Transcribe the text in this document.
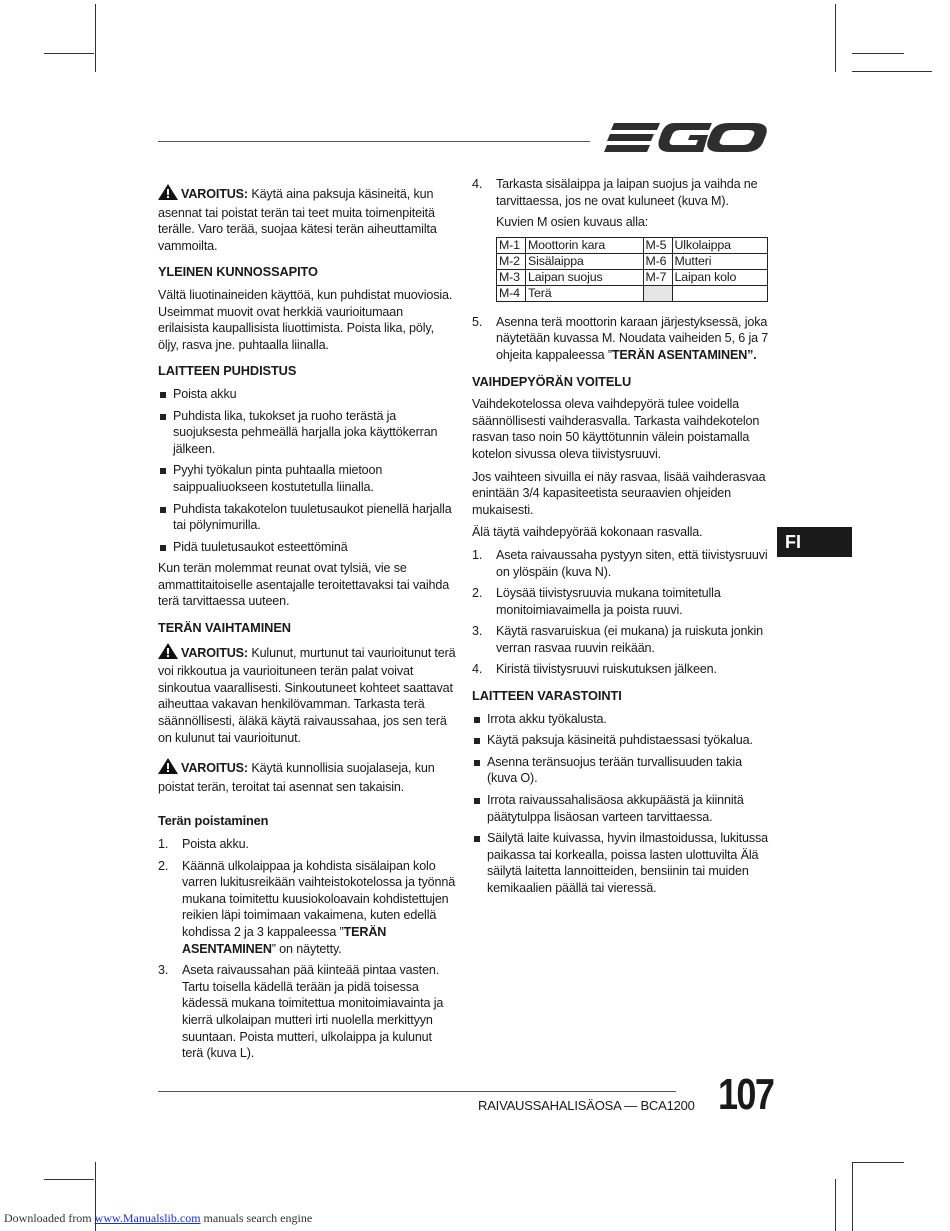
VAROITUS: Käytä aina paksuja käsineitä, kun asennat tai poistat terän tai teet muita toimenpiteitä terälle. Varo terää, suojaa kätesi terän aiheuttamilta vammoilta.

YLEINEN KUNNOSSAPITO

Vältä liuotinaineiden käyttöä, kun puhdistat muoviosia. Useimmat muovit ovat herkkiä vaurioitumaan erilaisista kaupallisista liuottimista. Poista lika, pöly, öljy, rasva jne. puhtaalla liinalla.

LAITTEEN PUHDISTUS
Poista akku
Puhdista lika, tukokset ja ruoho terästä ja suojuksesta pehmeällä harjalla joka käyttökerran jälkeen.
Pyyhi työkalun pinta puhtaalla mietoon saippualiuokseen kostutetulla liinalla.
Puhdista takakotelon tuuletusaukot pienellä harjalla tai pölynimurilla.
Pidä tuuletusaukot esteettöminä

Kun terän molemmat reunat ovat tylsiä, vie se ammattitaitoiselle asentajalle teroitettavaksi tai vaihda terä tarvittaessa uuteen.

TERÄN VAIHTAMINEN

VAROITUS: Kulunut, murtunut tai vaurioitunut terä voi rikkoutua ja vaurioituneen terän palat voivat sinkoutua vaarallisesti. Sinkoutuneet kohteet saattavat aiheuttaa vakavan henkilövamman. Tarkasta terä säännöllisesti, äläkä käytä raivaussahaa, jos sen terä on kulunut tai vaurioitunut.

VAROITUS: Käytä kunnollisia suojalaseja, kun poistat terän, teroitat tai asennat sen takaisin.

Terän poistaminen
1. Poista akku.
2. Käännä ulkolaippaa ja kohdista sisälaipan kolo varren lukitusreikään vaihteistokotelossa ja työnnä mukana toimitettu kuusiokoloavain kohdistettujen reikien läpi toimimaan vakaimena, kuten edellä kohdissa 2 ja 3 kappaleessa ”TERÄN ASENTAMINEN” on näytetty.
3. Aseta raivaussahan pää kiinteää pintaa vasten. Tartu toisella kädellä terään ja pidä toisessa kädessä mukana toimitettua monitoimiavainta ja kierrä ulkolaipan mutteri irti nuolella merkittyyn suuntaan. Poista mutteri, ulkolaippa ja kulunut terä (kuva L).
4. Tarkasta sisälaippa ja laipan suojus ja vaihda ne tarvittaessa, jos ne ovat kuluneet (kuva M).

Kuvien M osien kuvaus alla:

M-1	Moottorin kara	M-5	Ulkolaippa
M-2	Sisälaippa	M-6	Mutteri
M-3	Laipan suojus	M-7	Laipan kolo
M-4	Terä		
5. Asenna terä moottorin karaan järjestyksessä, joka näytetään kuvassa M. Noudata vaiheiden 5, 6 ja 7 ohjeita kappaleessa ”TERÄN ASENTAMINEN”.
VAIHDEPYÖRÄN VOITELU

Vaihdekotelossa oleva vaihdepyörä tulee voidella säännöllisesti vaihderasvalla. Tarkasta vaihdekotelon rasvan taso noin 50 käyttötunnin välein poistamalla kotelon sivussa oleva tiivistysruuvi.

Jos vaihteen sivuilla ei näy rasvaa, lisää vaihderasvaa enintään 3/4 kapasiteetista seuraavien ohjeiden mukaisesti.

Älä täytä vaihdepyörää kokonaan rasvalla.

1. Aseta raivaussaha pystyyn siten, että tiivistysruuvi on ylöspäin (kuva N).
2. Löysää tiivistysruuvia mukana toimitetulla monitoimiavaimella ja poista ruuvi.
3. Käytä rasvaruiskua (ei mukana) ja ruiskuta jonkin verran rasvaa ruuvin reikään.
4. Kiristä tiivistysruuvi ruiskutuksen jälkeen.
LAITTEEN VARASTOINTI
Irrota akku työkalusta.
Käytä paksuja käsineitä puhdistaessasi työkalua.
Asenna teränsuojus terään turvallisuuden takia (kuva O).
Irrota raivaussahalisäosa akkupäästä ja kiinnitä päätytulppa lisäosan varteen tarvittaessa.
Säilytä laite kuivassa, hyvin ilmastoidussa, lukitussa paikassa tai korkealla, poissa lasten ulottuvilta Älä säilytä laitetta lannoitteiden, bensiinin tai muiden kemikaalien päällä tai vieressä.
FI
RAIVAUSSAHALISÄOSA — BCA1200 107
Downloaded from www.Manualslib.com manuals search engine
